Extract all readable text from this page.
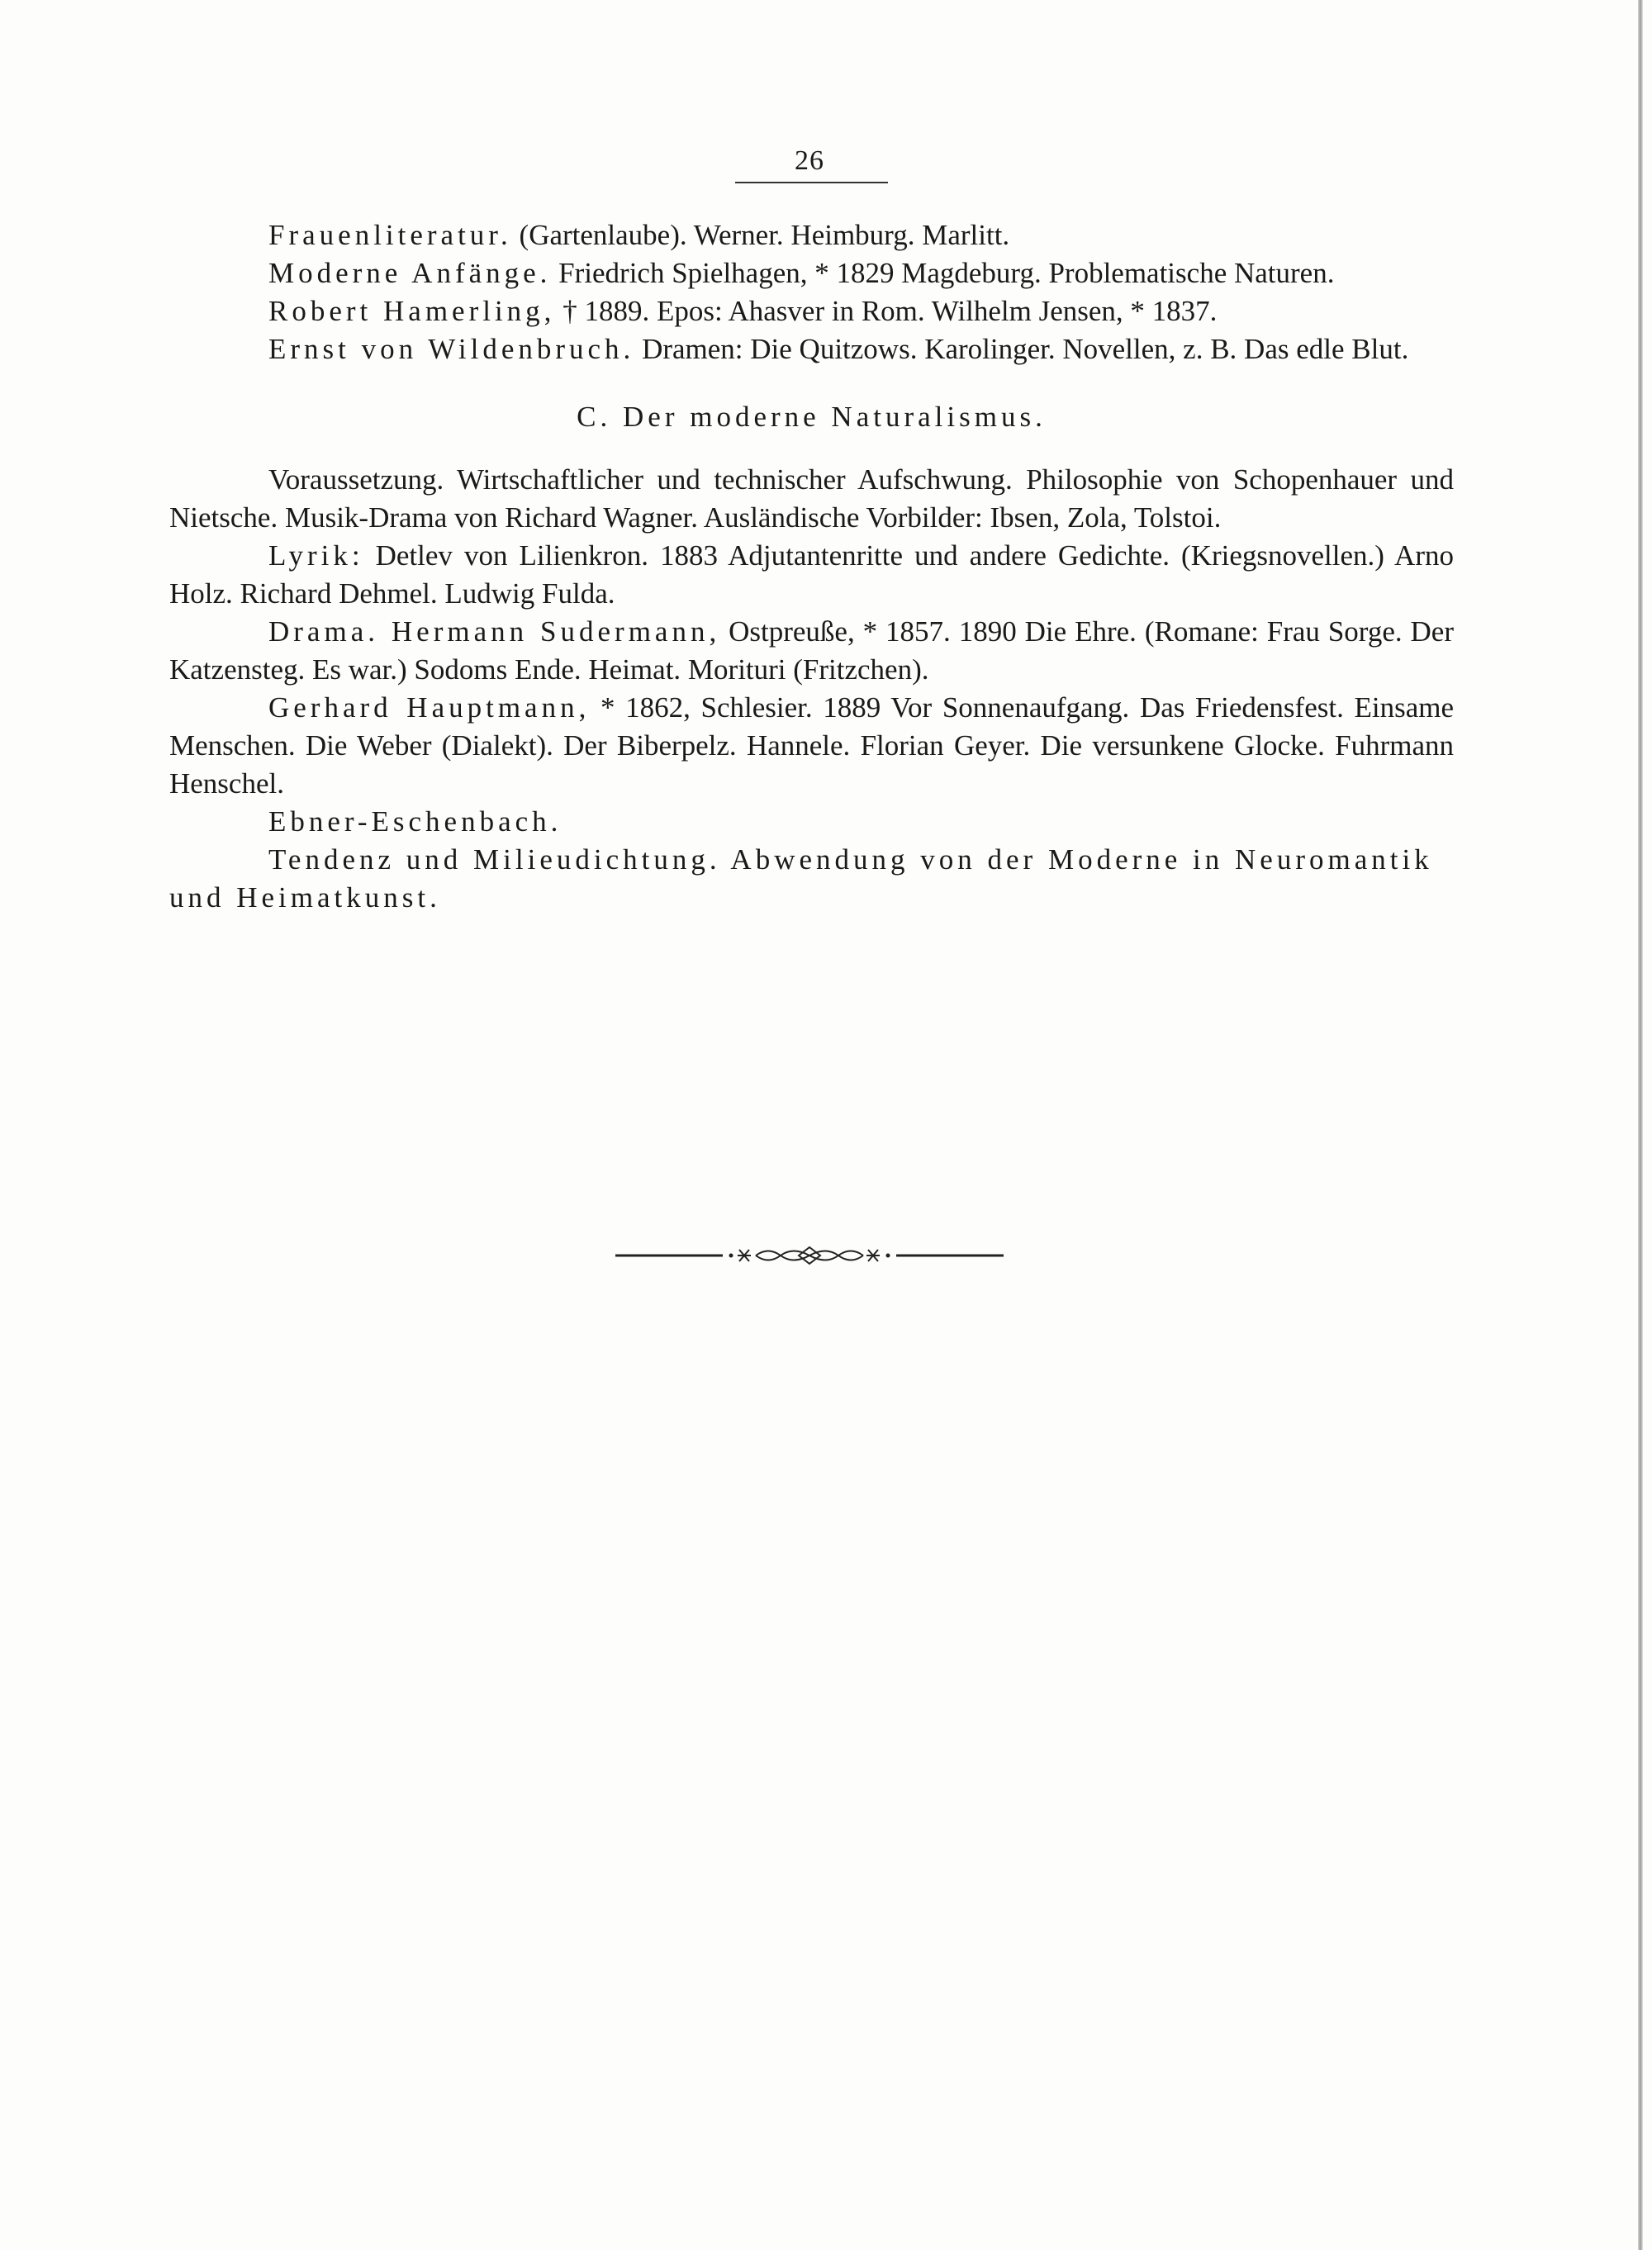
26

Frauenliteratur. (Gartenlaube). Werner. Heimburg. Marlitt.

Moderne Anfänge. Friedrich Spielhagen, * 1829 Magdeburg. Problematische Naturen.

Robert Hamerling, † 1889. Epos: Ahasver in Rom. Wilhelm Jensen, * 1837.

Ernst von Wildenbruch. Dramen: Die Quitzows. Karolinger. Novellen, z. B. Das edle Blut.

C. Der moderne Naturalismus.

Voraussetzung. Wirtschaftlicher und technischer Aufschwung. Philosophie von Schopenhauer und Nietsche. Musik-Drama von Richard Wagner. Ausländische Vorbilder: Ibsen, Zola, Tolstoi.

Lyrik: Detlev von Lilienkron. 1883 Adjutantenritte und andere Gedichte. (Kriegsnovellen.) Arno Holz. Richard Dehmel. Ludwig Fulda.

Drama. Hermann Sudermann, Ostpreuße, * 1857. 1890 Die Ehre. (Romane: Frau Sorge. Der Katzensteg. Es war.) Sodoms Ende. Heimat. Morituri (Fritzchen).

Gerhard Hauptmann, * 1862, Schlesier. 1889 Vor Sonnenaufgang. Das Friedensfest. Einsame Menschen. Die Weber (Dialekt). Der Biberpelz. Hannele. Florian Geyer. Die versunkene Glocke. Fuhrmann Henschel.

Ebner-Eschenbach.

Tendenz und Milieudichtung. Abwendung von der Moderne in Neuromantik und Heimatkunst.
